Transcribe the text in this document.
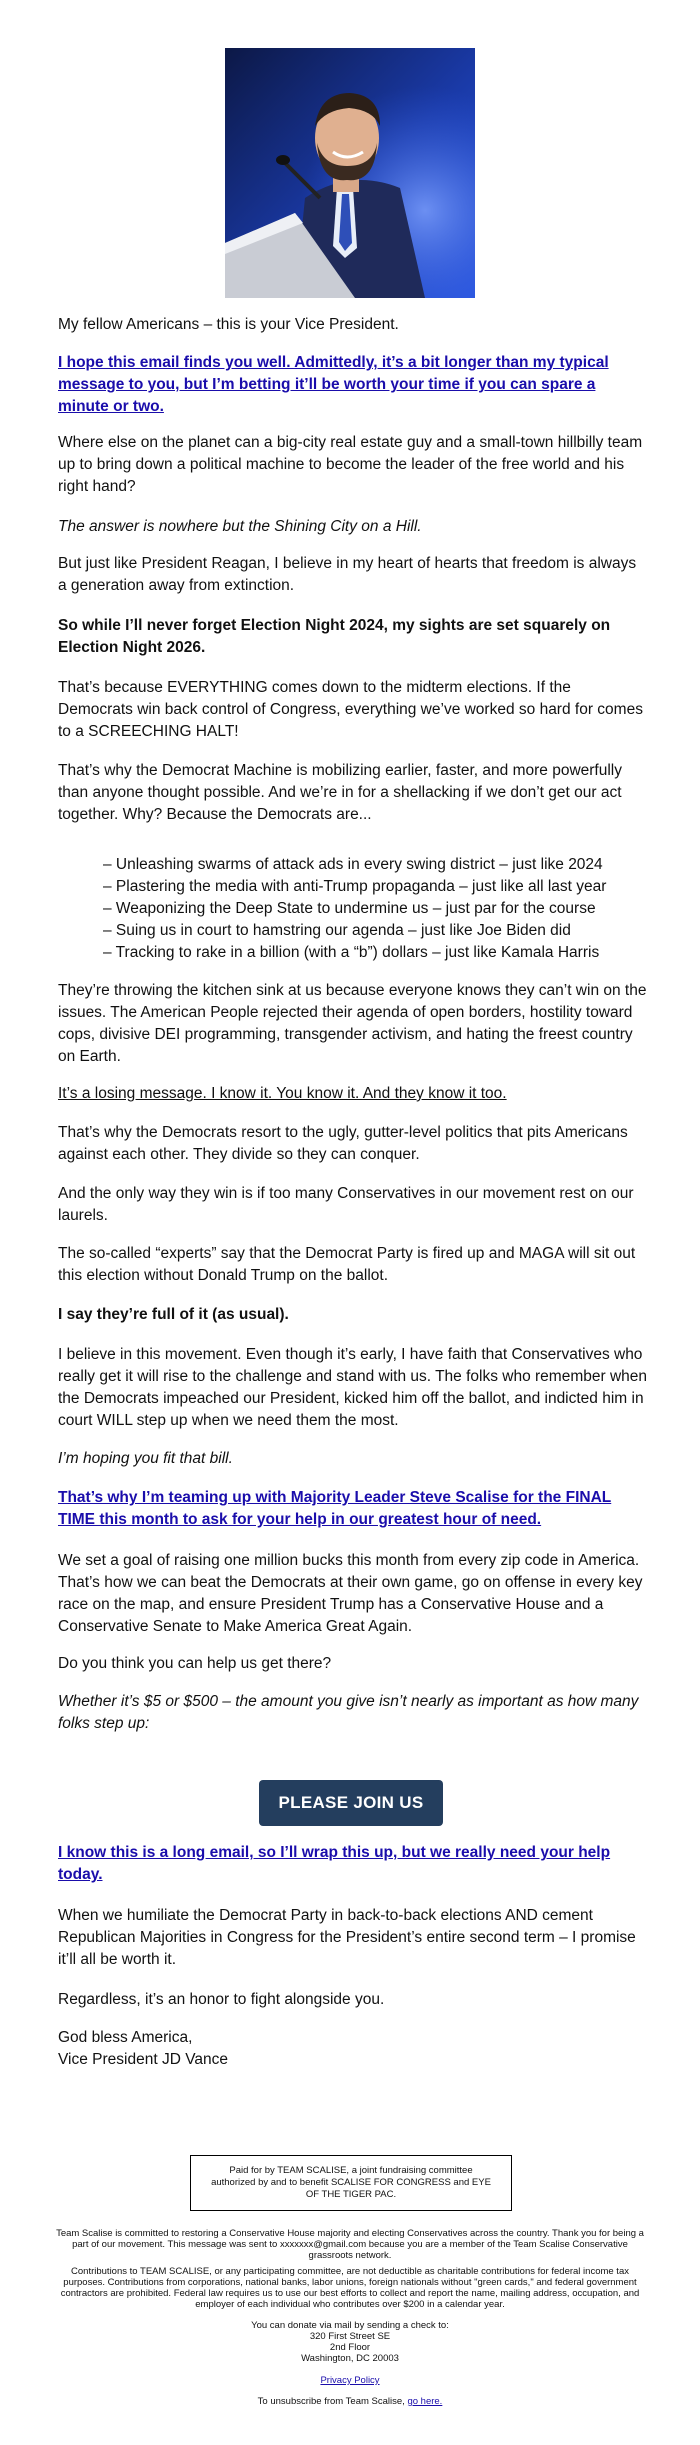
My fellow Americans – this is your Vice President.

I hope this email finds you well. Admittedly, it’s a bit longer than my typical message to you, but I’m betting it’ll be worth your time if you can spare a minute or two.

Where else on the planet can a big-city real estate guy and a small-town hillbilly team up to bring down a political machine to become the leader of the free world and his right hand?

The answer is nowhere but the Shining City on a Hill.

But just like President Reagan, I believe in my heart of hearts that freedom is always a generation away from extinction.

So while I’ll never forget Election Night 2024, my sights are set squarely on Election Night 2026.

That’s because EVERYTHING comes down to the midterm elections. If the Democrats win back control of Congress, everything we’ve worked so hard for comes to a SCREECHING HALT!

That’s why the Democrat Machine is mobilizing earlier, faster, and more powerfully than anyone thought possible. And we’re in for a shellacking if we don’t get our act together. Why? Because the Democrats are...

– Unleashing swarms of attack ads in every swing district – just like 2024
– Plastering the media with anti-Trump propaganda – just like all last year
– Weaponizing the Deep State to undermine us – just par for the course
– Suing us in court to hamstring our agenda – just like Joe Biden did
– Tracking to rake in a billion (with a “b”) dollars – just like Kamala Harris

They’re throwing the kitchen sink at us because everyone knows they can’t win on the issues. The American People rejected their agenda of open borders, hostility toward cops, divisive DEI programming, transgender activism, and hating the freest country on Earth.

It’s a losing message. I know it. You know it. And they know it too.

That’s why the Democrats resort to the ugly, gutter-level politics that pits Americans against each other. They divide so they can conquer.

And the only way they win is if too many Conservatives in our movement rest on our laurels.

The so-called “experts” say that the Democrat Party is fired up and MAGA will sit out this election without Donald Trump on the ballot.

I say they’re full of it (as usual).

I believe in this movement. Even though it’s early, I have faith that Conservatives who really get it will rise to the challenge and stand with us. The folks who remember when the Democrats impeached our President, kicked him off the ballot, and indicted him in court WILL step up when we need them the most.

I’m hoping you fit that bill.

That’s why I’m teaming up with Majority Leader Steve Scalise for the FINAL TIME this month to ask for your help in our greatest hour of need.

We set a goal of raising one million bucks this month from every zip code in America. That’s how we can beat the Democrats at their own game, go on offense in every key race on the map, and ensure President Trump has a Conservative House and a Conservative Senate to Make America Great Again.

Do you think you can help us get there?

Whether it’s $5 or $500 – the amount you give isn’t nearly as important as how many folks step up:

PLEASE JOIN US

I know this is a long email, so I’ll wrap this up, but we really need your help today.

When we humiliate the Democrat Party in back-to-back elections AND cement Republican Majorities in Congress for the President’s entire second term – I promise it’ll all be worth it.

Regardless, it’s an honor to fight alongside you.

God bless America,

Vice President JD Vance

Paid for by TEAM SCALISE, a joint fundraising committee authorized by and to benefit SCALISE FOR CONGRESS and EYE OF THE TIGER PAC.

Team Scalise is committed to restoring a Conservative House majority and electing Conservatives across the country. Thank you for being a part of our movement. This message was sent to xxxxxxx@gmail.com because you are a member of the Team Scalise Conservative grassroots network.

Contributions to TEAM SCALISE, or any participating committee, are not deductible as charitable contributions for federal income tax purposes. Contributions from corporations, national banks, labor unions, foreign nationals without "green cards," and federal government contractors are prohibited. Federal law requires us to use our best efforts to collect and report the name, mailing address, occupation, and employer of each individual who contributes over $200 in a calendar year.

You can donate via mail by sending a check to:

320 First Street SE

2nd Floor

Washington, DC 20003

Privacy Policy

To unsubscribe from Team Scalise, go here.
